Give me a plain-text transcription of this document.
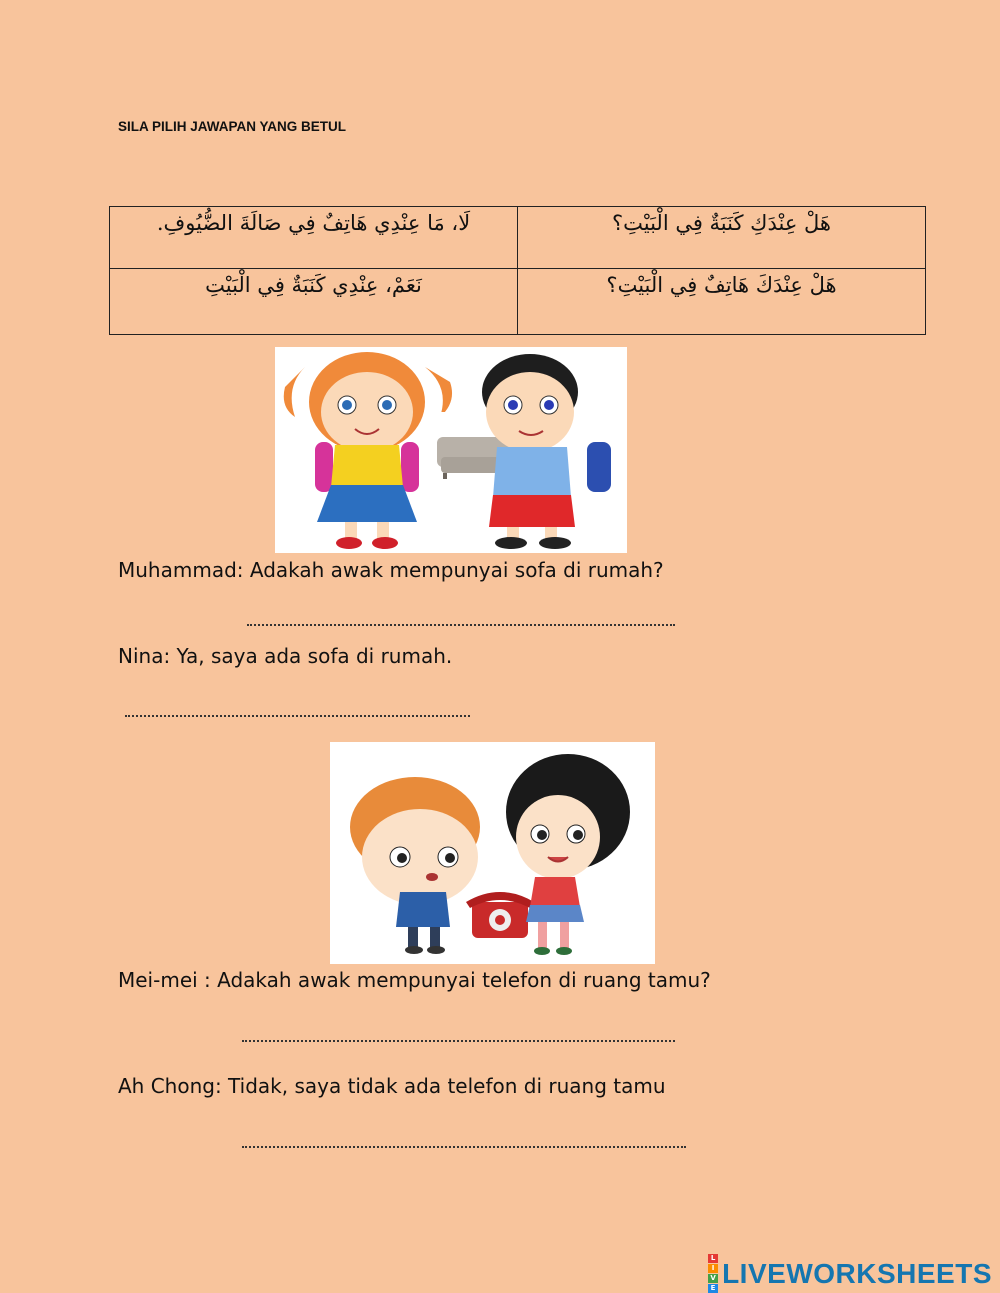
SILA PILIH JAWAPAN YANG BETUL
هَلْ عِنْدَكِ كَنَبَةٌ فِي الْبَيْتِ؟	لَا، مَا عِنْدِي هَاتِفٌ فِي صَالَةَ الضُّيُوفِ.
هَلْ عِنْدَكَ هَاتِفٌ فِي الْبَيْتِ؟	نَعَمْ، عِنْدِي كَنَبَةٌ فِي الْبَيْتِ
Muhammad: Adakah awak mempunyai sofa di rumah?
Nina: Ya, saya ada sofa di rumah.
Mei-mei : Adakah awak mempunyai telefon di ruang tamu?
Ah Chong: Tidak, saya tidak ada telefon di ruang tamu
L
I
V
E LIVEWORKSHEETS
